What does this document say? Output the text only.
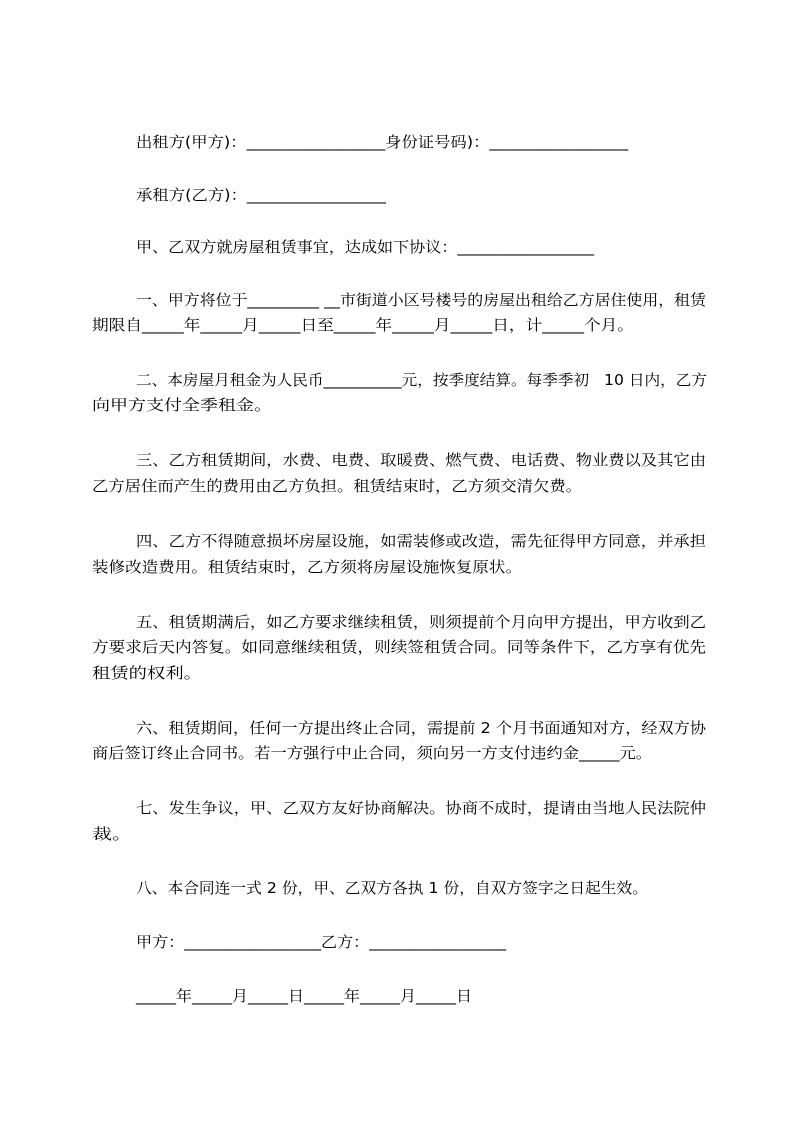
出租方(甲方)：_________________身份证号码)：_________________
承租方(乙方)：_________________
甲、乙双方就房屋租赁事宜，达成如下协议：_________________
一、甲方将位于_________ __市街道小区号楼号的房屋出租给乙方居住使用，租赁
期限自_____年_____月_____日至_____年_____月_____日，计_____个月。
二、本房屋月租金为人民币__________元，按季度结算。每季季初   10 日内，乙方
向甲方支付全季租金。
三、乙方租赁期间，水费、电费、取暖费、燃气费、电话费、物业费以及其它由
乙方居住而产生的费用由乙方负担。租赁结束时，乙方须交清欠费。
四、乙方不得随意损坏房屋设施，如需装修或改造，需先征得甲方同意，并承担
装修改造费用。租赁结束时，乙方须将房屋设施恢复原状。
五、租赁期满后，如乙方要求继续租赁，则须提前个月向甲方提出，甲方收到乙
方要求后天内答复。如同意继续租赁，则续签租赁合同。同等条件下，乙方享有优先
租赁的权利。
六、租赁期间，任何一方提出终止合同，需提前 2 个月书面通知对方，经双方协
商后签订终止合同书。若一方强行中止合同，须向另一方支付违约金_____元。
七、发生争议，甲、乙双方友好协商解决。协商不成时，提请由当地人民法院仲
裁。
八、本合同连一式 2 份，甲、乙双方各执 1 份，自双方签字之日起生效。
甲方：_________________乙方：_________________
_____年_____月_____日_____年_____月_____日
